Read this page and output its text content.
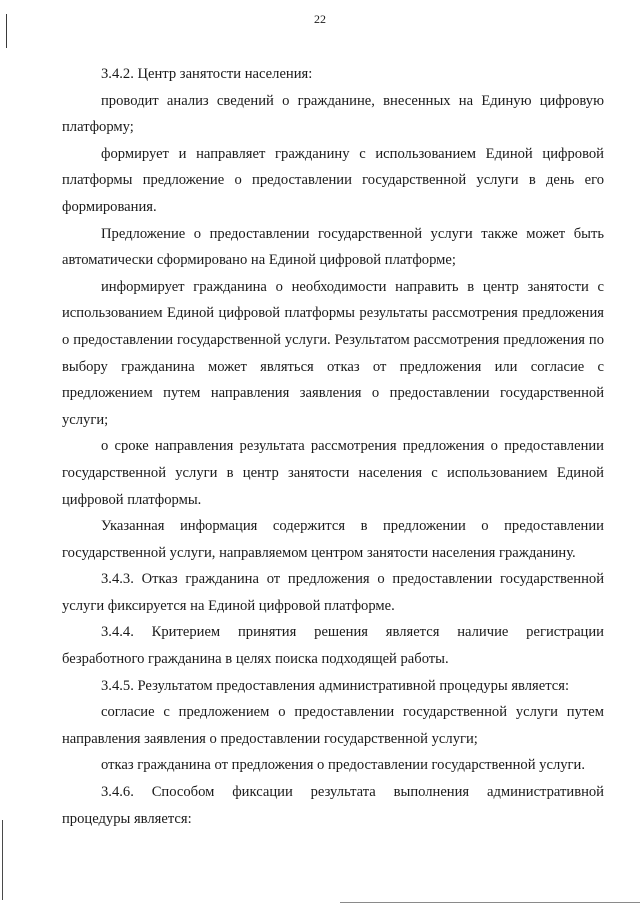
22

3.4.2. Центр занятости населения:

проводит анализ сведений о гражданине, внесенных на Единую цифровую платформу;

формирует и направляет гражданину с использованием Единой цифровой платформы предложение о предоставлении государственной услуги в день его формирования.

Предложение о предоставлении государственной услуги также может быть автоматически сформировано на Единой цифровой платформе;

информирует гражданина о необходимости направить в центр занятости с использованием Единой цифровой платформы результаты рассмотрения предложения о предоставлении государственной услуги. Результатом рассмотрения предложения по выбору гражданина может являться отказ от предложения или согласие с предложением путем направления заявления о предоставлении государственной услуги;

о сроке направления результата рассмотрения предложения о предоставлении государственной услуги в центр занятости населения с использованием Единой цифровой платформы.

Указанная информация содержится в предложении о предоставлении государственной услуги, направляемом центром занятости населения гражданину.

3.4.3. Отказ гражданина от предложения о предоставлении государственной услуги фиксируется на Единой цифровой платформе.

3.4.4. Критерием принятия решения является наличие регистрации безработного гражданина в целях поиска подходящей работы.

3.4.5. Результатом предоставления административной процедуры является:

согласие с предложением о предоставлении государственной услуги путем направления заявления о предоставлении государственной услуги;

отказ гражданина от предложения о предоставлении государственной услуги.

3.4.6. Способом фиксации результата выполнения административной процедуры является:
